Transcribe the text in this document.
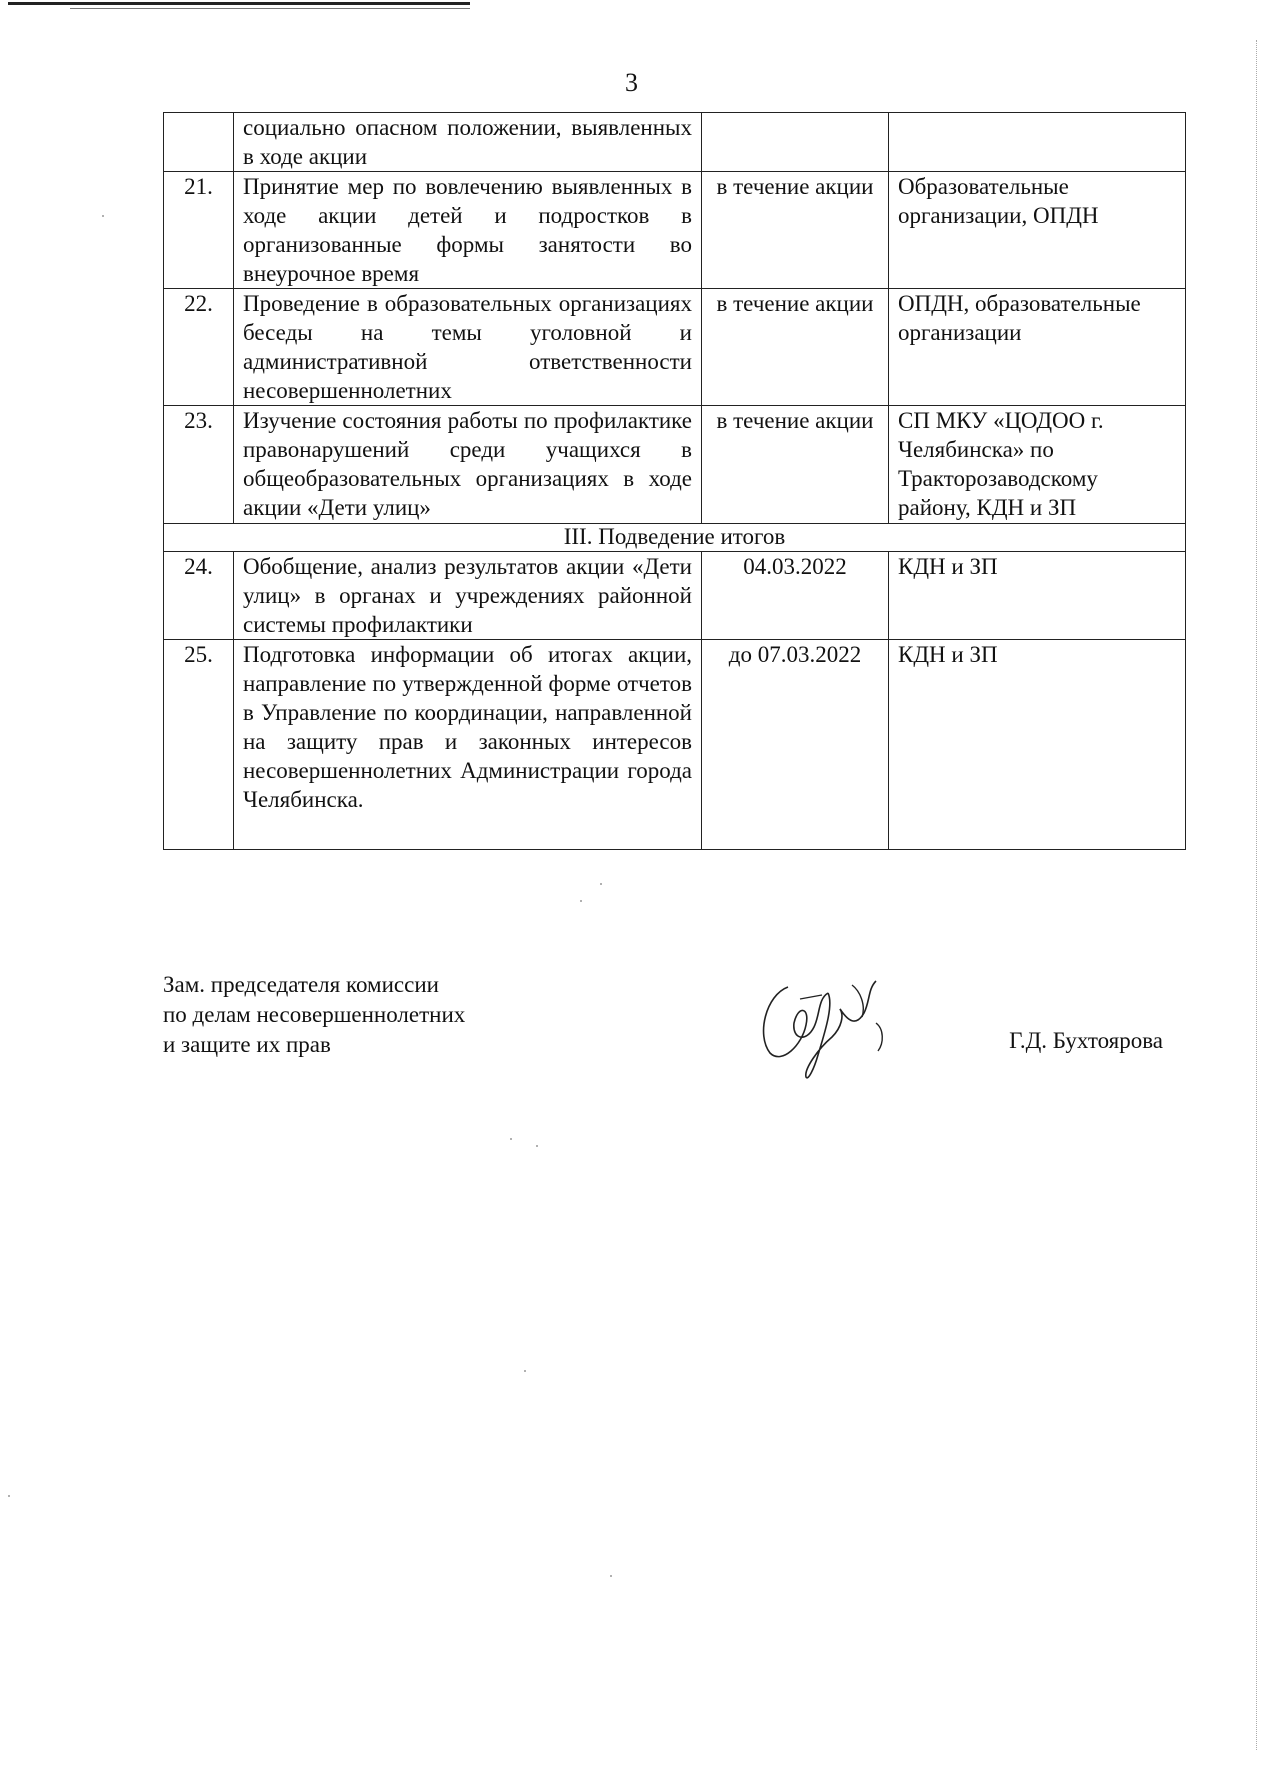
3
	социально опасном положении, выявленных в ходе акции		
21.	Принятие мер по вовлечению выявленных в ходе акции детей и подростков в организованные формы занятости во внеурочное время	в течение акции	Образовательные организации, ОПДН
22.	Проведение в образовательных организациях беседы на темы уголовной и административной ответственности несовершеннолетних	в течение акции	ОПДН, образовательные организации
23.	Изучение состояния работы по профилактике правонарушений среди учащихся в общеобразовательных организациях в ходе акции «Дети улиц»	в течение акции	СП МКУ «ЦОДОО г. Челябинска» по Тракторозаводскому району, КДН и ЗП
III. Подведение итогов			
24.	Обобщение, анализ результатов акции «Дети улиц» в органах и учреждениях районной системы профилактики	04.03.2022	КДН и ЗП
25.	Подготовка информации об итогах акции, направление по утвержденной форме отчетов в Управление по координации, направленной на защиту прав и законных интересов несовершеннолетних Администрации города Челябинска.	до 07.03.2022	КДН и ЗП
Зам. председателя комиссии
по делам несовершеннолетних
и защите их прав	Г.Д. Бухтоярова
